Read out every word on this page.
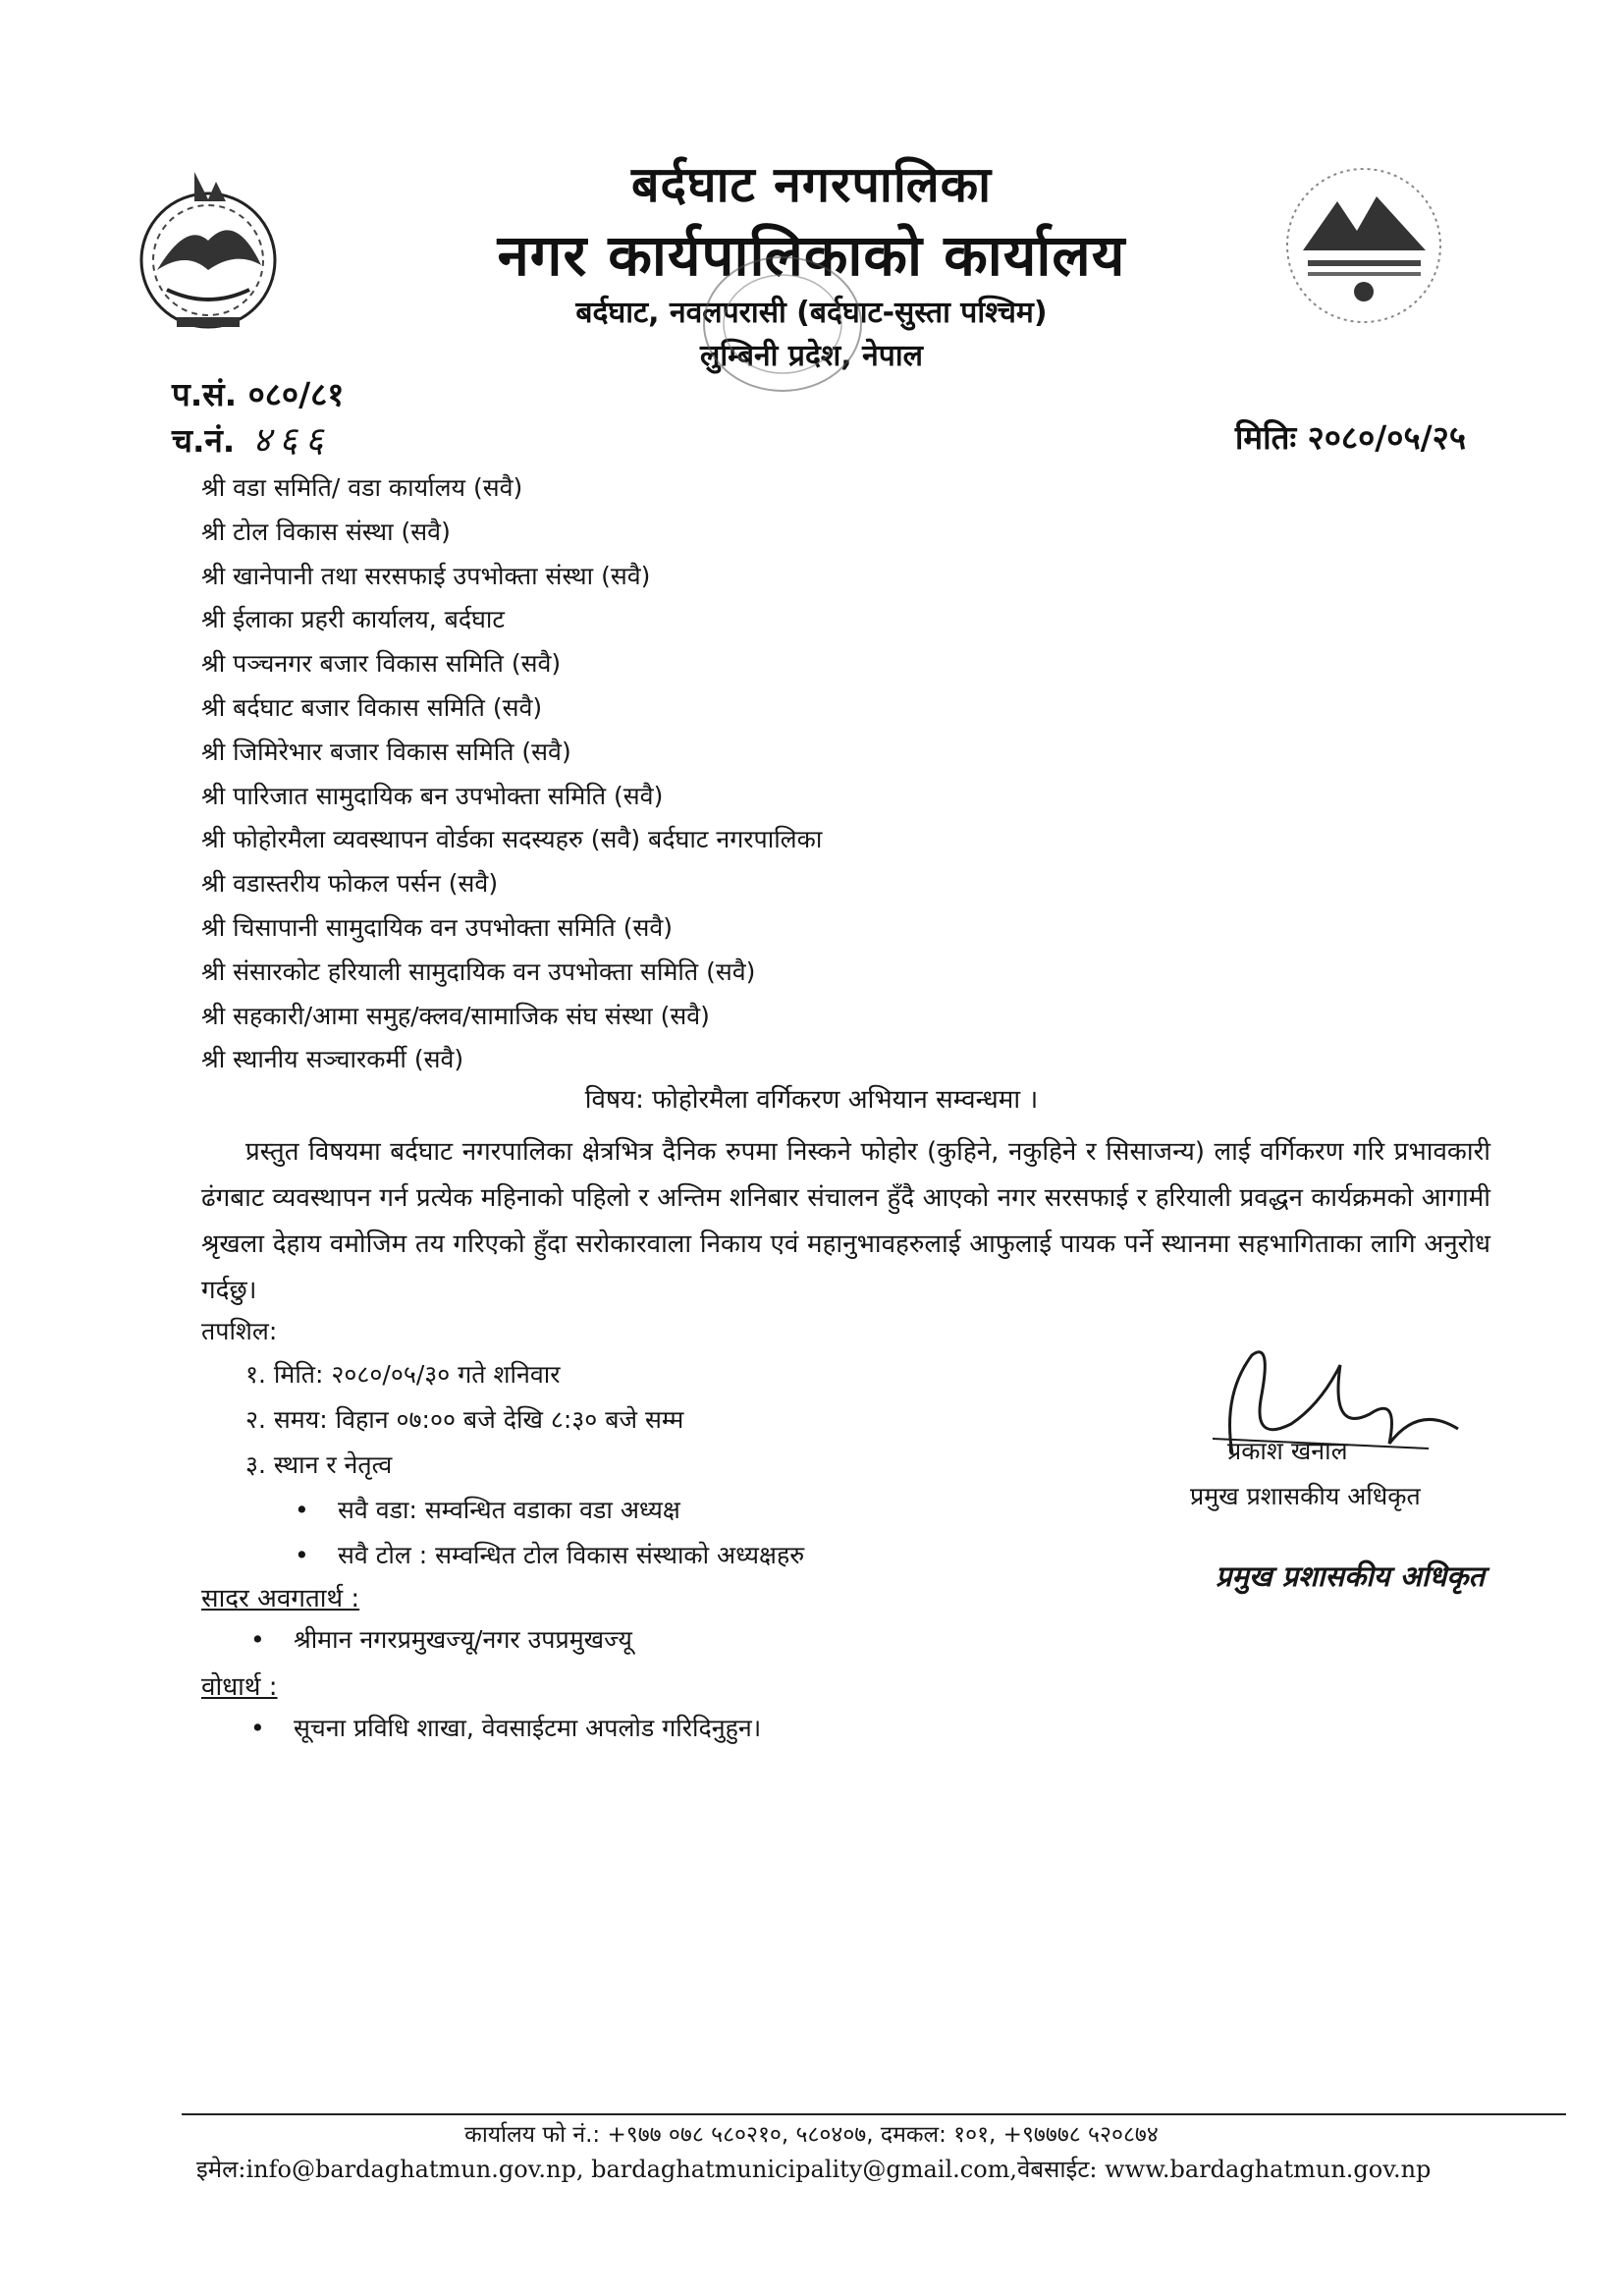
बर्दघाट नगरपालिका
नगर कार्यपालिकाको कार्यालय
बर्दघाट, नवलपरासी (बर्दघाट-सुस्ता पश्चिम)
लुम्बिनी प्रदेश, नेपाल
प.सं. ०८०/८१
च.नं. ४६६	मितिः २०८०/०५/२५
श्री वडा समिति/ वडा कार्यालय (सवै)
श्री टोल विकास संस्था (सवै)
श्री खानेपानी तथा सरसफाई उपभोक्ता संस्था (सवै)
श्री ईलाका प्रहरी कार्यालय, बर्दघाट
श्री पञ्चनगर बजार विकास समिति (सवै)
श्री बर्दघाट बजार विकास समिति (सवै)
श्री जिमिरेभार बजार विकास समिति (सवै)
श्री पारिजात सामुदायिक बन उपभोक्ता समिति (सवै)
श्री फोहोरमैला व्यवस्थापन वोर्डका सदस्यहरु (सवै) बर्दघाट नगरपालिका
श्री वडास्तरीय फोकल पर्सन (सवै)
श्री चिसापानी सामुदायिक वन उपभोक्ता समिति (सवै)
श्री संसारकोट हरियाली सामुदायिक वन उपभोक्ता समिति (सवै)
श्री सहकारी/आमा समुह/क्लव/सामाजिक संघ संस्था (सवै)
श्री स्थानीय सञ्चारकर्मी (सवै)
विषय: फोहोरमैला वर्गिकरण अभियान सम्वन्धमा ।
प्रस्तुत विषयमा बर्दघाट नगरपालिका क्षेत्रभित्र दैनिक रुपमा निस्कने फोहोर (कुहिने, नकुहिने र सिसाजन्य) लाई वर्गिकरण गरि प्रभावकारी ढंगबाट व्यवस्थापन गर्न प्रत्येक महिनाको पहिलो र अन्तिम शनिबार संचालन हुँदै आएको नगर सरसफाई र हरियाली प्रवद्धन कार्यक्रमको आगामी श्रृखला देहाय वमोजिम तय गरिएको हुँदा सरोकारवाला निकाय एवं महानुभावहरुलाई आफुलाई पायक पर्ने स्थानमा सहभागिताका लागि अनुरोध गर्दछु।
तपशिल:
१. मिति: २०८०/०५/३० गते शनिवार
२. समय: विहान ०७:०० बजे देखि ८:३० बजे सम्म
३. स्थान र नेतृत्व
• सवै वडा: सम्वन्धित वडाका वडा अध्यक्ष
• सवै टोल : सम्वन्धित टोल विकास संस्थाको अध्यक्षहरु
सादर अवगतार्थ :
• श्रीमान नगरप्रमुखज्यू/नगर उपप्रमुखज्यू
वोधार्थ :
• सूचना प्रविधि शाखा, वेवसाईटमा अपलोड गरिदिनुहुन।
प्रकाश खनाल
प्रमुख प्रशासकीय अधिकृत
प्रमुख प्रशासकीय अधिकृत
कार्यालय फो नं.: +९७७ ०७८ ५८०२१०, ५८०४०७, दमकल: १०१, +९७७७८ ५२०८७४
इमेल:info@bardaghatmun.gov.np, bardaghatmunicipality@gmail.com,वेबसाईट: www.bardaghatmun.gov.np
